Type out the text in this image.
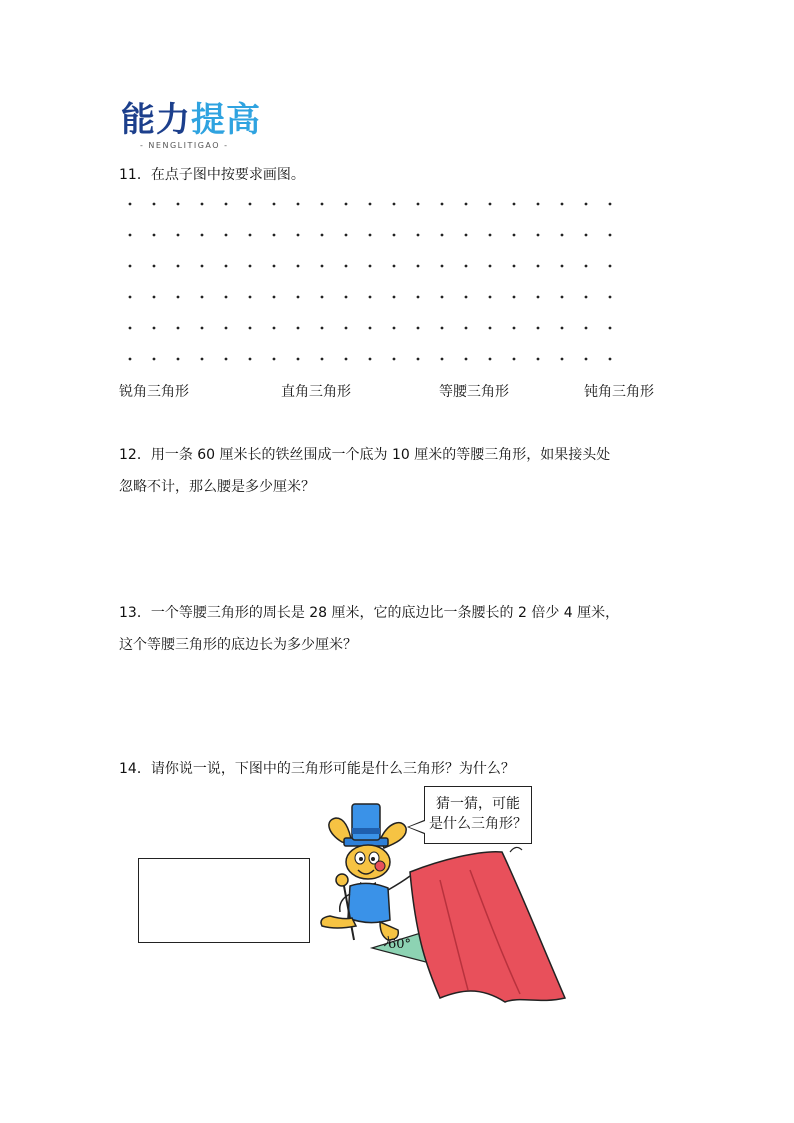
能力提高
- NENGLITIGAO -
11．在点子图中按要求画图。
锐角三角形	直角三角形	等腰三角形	钝角三角形
12．用一条 60 厘米长的铁丝围成一个底为 10 厘米的等腰三角形，如果接头处
忽略不计，那么腰是多少厘米？
13．一个等腰三角形的周长是 28 厘米，它的底边比一条腰长的 2 倍少 4 厘米，
这个等腰三角形的底边长为多少厘米？
14．请你说一说，下图中的三角形可能是什么三角形？为什么？
60°
猜一猜，可能
是什么三角形？
